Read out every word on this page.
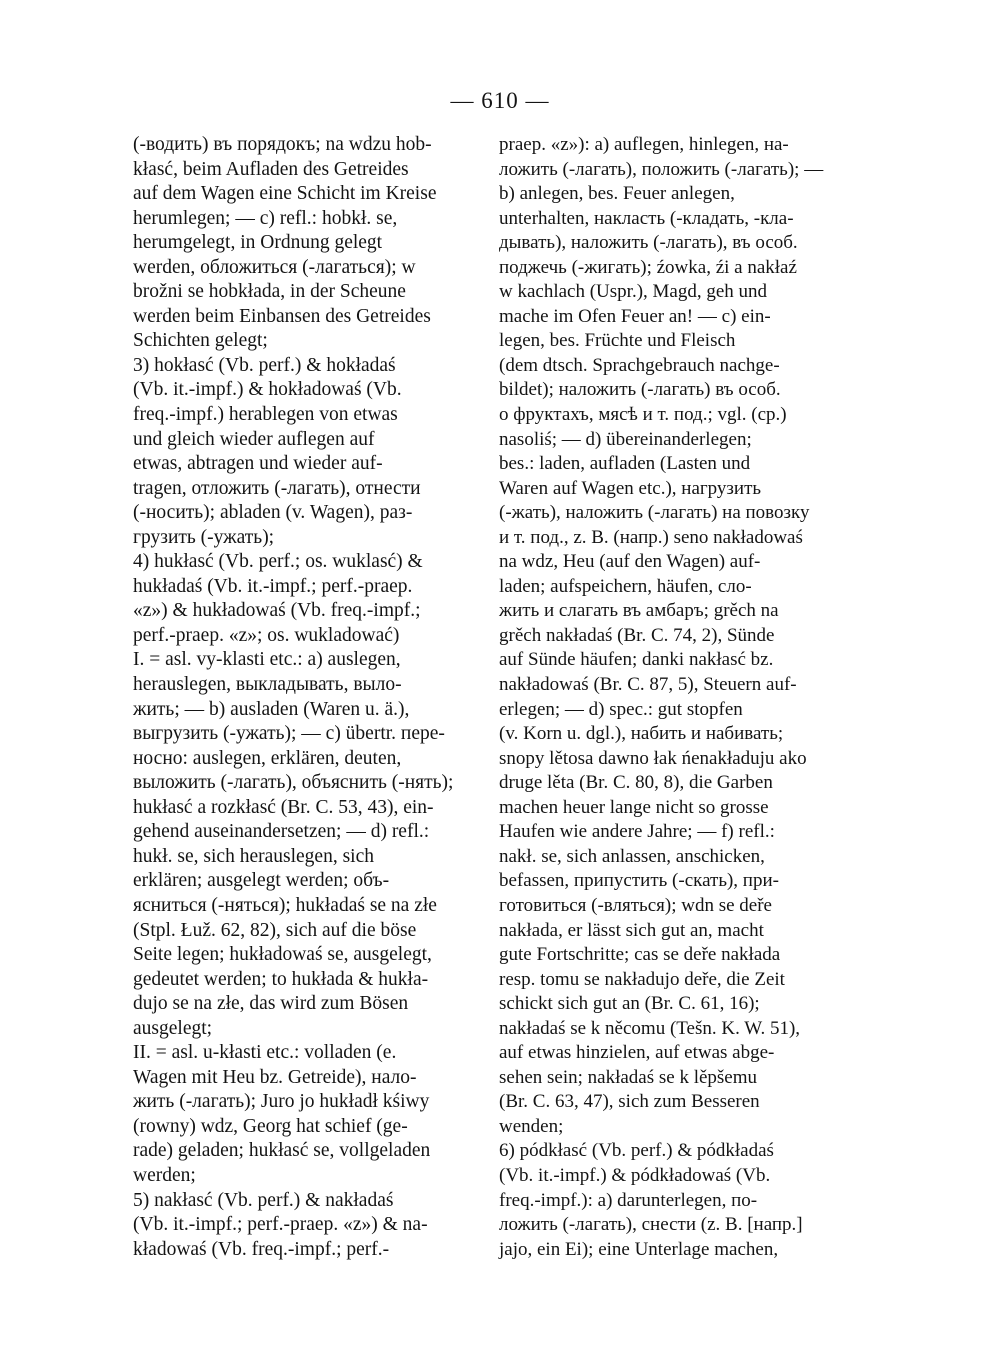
— 610 —
(-водить) въ порядокъ; na wdzu hob-
kłasć, beim Aufladen des Getreides
auf dem Wagen eine Schicht im Kreise
herumlegen; — c) refl.: hobkł. se,
herumgelegt, in Ordnung gelegt
werden, обложиться (-лагаться); w
brožni se hobkłada, in der Scheune
werden beim Einbansen des Getreides
Schichten gelegt;
3) hokłasć (Vb. perf.) & hokładaś
(Vb. it.-impf.) & hokładowaś (Vb.
freq.-impf.) herablegen von etwas
und gleich wieder auflegen auf
etwas, abtragen und wieder auf-
tragen, отложить (-лагать), отнести
(-носить); abladen (v. Wagen), раз-
грузить (-ужать);
4) hukłasć (Vb. perf.; os. wuklasć) &
hukładaś (Vb. it.-impf.; perf.-praep.
«z») & hukładowaś (Vb. freq.-impf.;
perf.-praep. «z»; os. wukladować)
I. = asl. vy-klasti etc.: a) auslegen,
herauslegen, выкладывать, выло-
жить; — b) ausladen (Waren u. ä.),
выгрузить (-ужать); — c) übertr. пере-
носно: auslegen, erklären, deuten,
выложить (-лагать), объяснить (-нять);
hukłasć a rozkłasć (Br. C. 53, 43), ein-
gehend auseinandersetzen; — d) refl.:
hukł. se, sich herauslegen, sich
erklären; ausgelegt werden; объ-
ясниться (-няться); hukładaś se na złe
(Stpl. Łuž. 62, 82), sich auf die böse
Seite legen; hukładowaś se, ausgelegt,
gedeutet werden; to hukłada & hukła-
dujo se na złe, das wird zum Bösen
ausgelegt;
II. = asl. u-kłasti etc.: volladen (e.
Wagen mit Heu bz. Getreide), нало-
жить (-лагать); Juro jo hukładł kśiwy
(rowny) wdz, Georg hat schief (ge-
rade) geladen; hukłasć se, vollgeladen
werden;
5) nakłasć (Vb. perf.) & nakładaś
(Vb. it.-impf.; perf.-praep. «z») & na-
kładowaś (Vb. freq.-impf.; perf.-
praep. «z»): a) auflegen, hinlegen, на-
ложить (-лагать), положить (-лагать); —
b) anlegen, bes. Feuer anlegen,
unterhalten, накласть (-кладать, -кла-
дывать), наложить (-лагать), въ особ.
поджечь (-жигать); źowka, źi a nakłaź
w kachlach (Uspr.), Magd, geh und
mache im Ofen Feuer an! — c) ein-
legen, bes. Früchte und Fleisch
(dem dtsch. Sprachgebrauch nachge-
bildet); наложить (-лагать) въ особ.
о фруктахъ, мясѣ и т. под.; vgl. (cp.)
nasoliś; — d) übereinanderlegen;
bes.: laden, aufladen (Lasten und
Waren auf Wagen etc.), нагрузить
(-жать), наложить (-лагать) на повозку
и т. под., z. B. (напр.) seno nakładowaś
na wdz, Heu (auf den Wagen) auf-
laden; aufspeichern, häufen, сло-
жить и слагать въ амбаръ; grěch na
grěch nakładaś (Br. C. 74, 2), Sünde
auf Sünde häufen; danki nakłasć bz.
nakładowaś (Br. C. 87, 5), Steuern auf-
erlegen; — d) spec.: gut stopfen
(v. Korn u. dgl.), набить и набивать;
snopy lětosa dawno łak ńenakładuju ako
druge lěta (Br. C. 80, 8), die Garben
machen heuer lange nicht so grosse
Haufen wie andere Jahre; — f) refl.:
nakł. se, sich anlassen, anschicken,
befassen, припустить (-скать), при-
готовиться (-вляться); wdn se deře
nakłada, er lässt sich gut an, macht
gute Fortschritte; cas se deře nakłada
resp. tomu se nakładujo deře, die Zeit
schickt sich gut an (Br. C. 61, 16);
nakładaś se k něcomu (Tešn. K. W. 51),
auf etwas hinzielen, auf etwas abge-
sehen sein; nakładaś se k lěpšemu
(Br. C. 63, 47), sich zum Besseren
wenden;
6) pódkłasć (Vb. perf.) & pódkładaś
(Vb. it.-impf.) & pódkładowaś (Vb.
freq.-impf.): a) darunterlegen, по-
ложить (-лагать), снести (z. B. [напр.]
jajo, ein Ei); eine Unterlage machen,
